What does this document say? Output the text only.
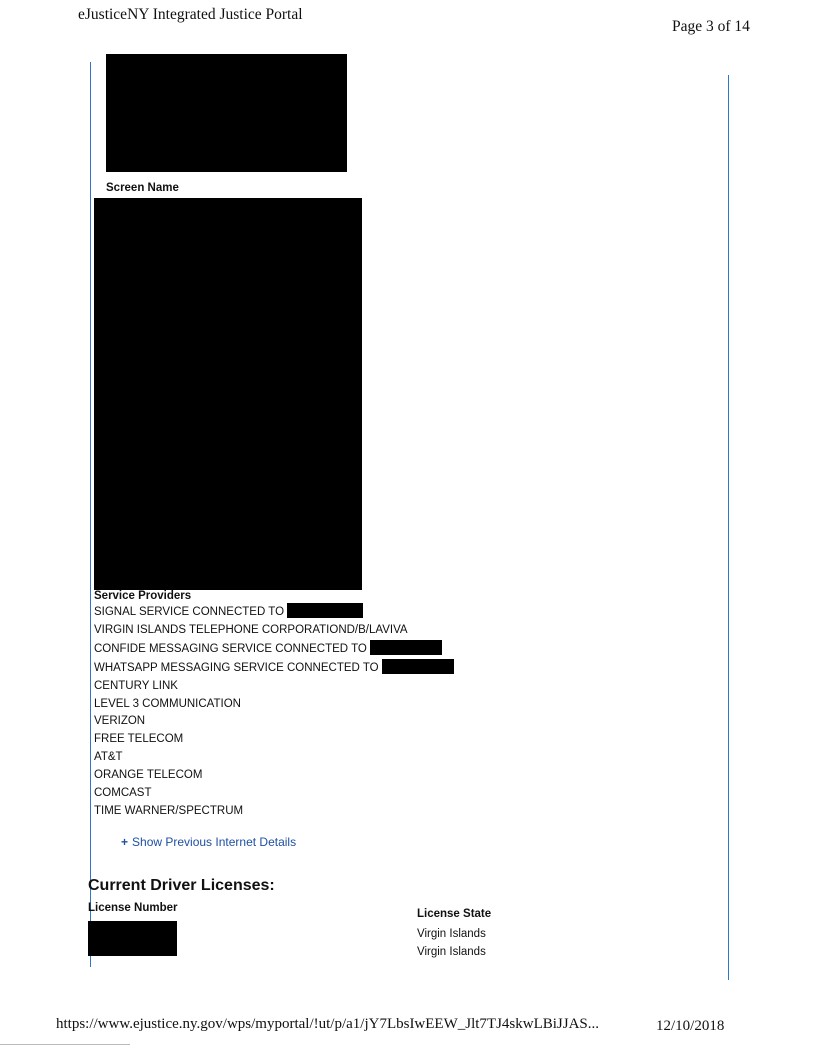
eJusticeNY Integrated Justice Portal
Page 3 of 14
Screen Name
Service Providers
SIGNAL SERVICE CONNECTED TO
VIRGIN ISLANDS TELEPHONE CORPORATIOND/B/LAVIVA
CONFIDE MESSAGING SERVICE CONNECTED TO
WHATSAPP MESSAGING SERVICE CONNECTED TO
CENTURY LINK
LEVEL 3 COMMUNICATION
VERIZON
FREE TELECOM
AT&T
ORANGE TELECOM
COMCAST
TIME WARNER/SPECTRUM
+ Show Previous Internet Details
Current Driver Licenses:
License Number	License State
Virgin Islands
Virgin Islands
https://www.ejustice.ny.gov/wps/myportal/!ut/p/a1/jY7LbsIwEEW_Jlt7TJ4skwLBiJJAS...	12/10/2018
